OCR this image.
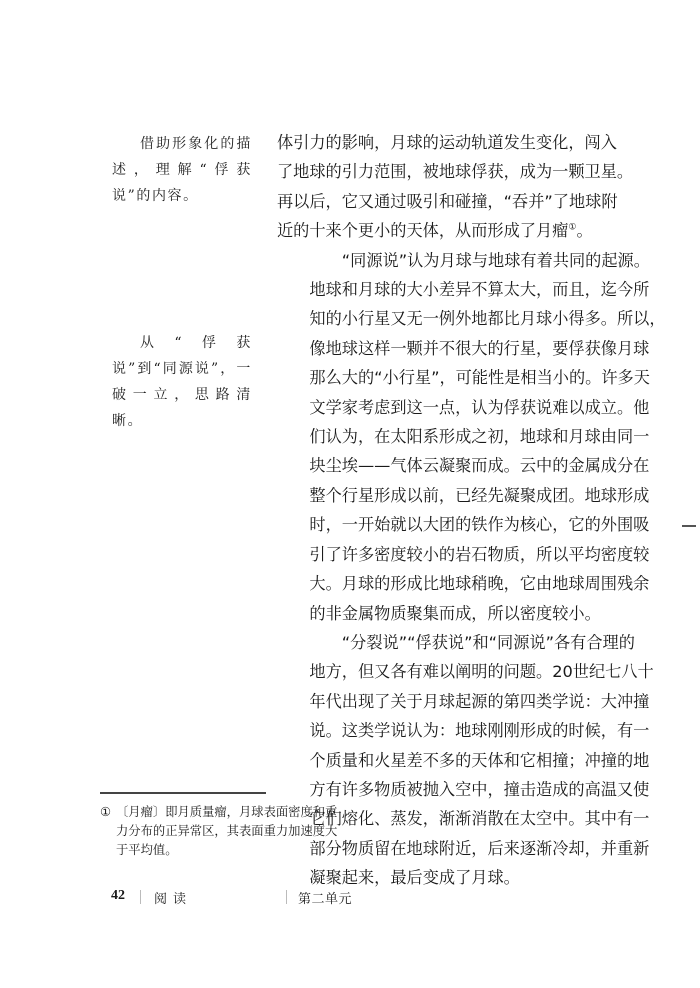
借助形象化的描述，理解“俘获说”的内容。

从“俘获说”到“同源说”，一破一立，思路清晰。

体引力的影响，月球的运动轨道发生变化，闯入
了地球的引力范围，被地球俘获，成为一颗卫星。
再以后，它又通过吸引和碰撞，“吞并”了地球附
近的十来个更小的天体，从而形成了月瘤①。

“同源说”认为月球与地球有着共同的起源。
地球和月球的大小差异不算太大，而且，迄今所
知的小行星又无一例外地都比月球小得多。所以，
像地球这样一颗并不很大的行星，要俘获像月球
那么大的“小行星”，可能性是相当小的。许多天
文学家考虑到这一点，认为俘获说难以成立。他
们认为，在太阳系形成之初，地球和月球由同一
块尘埃——气体云凝聚而成。云中的金属成分在
整个行星形成以前，已经先凝聚成团。地球形成
时，一开始就以大团的铁作为核心，它的外围吸
引了许多密度较小的岩石物质，所以平均密度较
大。月球的形成比地球稍晚，它由地球周围残余
的非金属物质聚集而成，所以密度较小。

“分裂说”“俘获说”和“同源说”各有合理的
地方，但又各有难以阐明的问题。20世纪七八十
年代出现了关于月球起源的第四类学说：大冲撞
说。这类学说认为：地球刚刚形成的时候，有一
个质量和火星差不多的天体和它相撞；冲撞的地
方有许多物质被抛入空中，撞击造成的高温又使
它们熔化、蒸发，渐渐消散在太空中。其中有一
部分物质留在地球附近，后来逐渐冷却，并重新
凝聚起来，最后变成了月球。

① 〔月瘤〕即月质量瘤，月球表面密度和重力分布的正异常区，其表面重力加速度大于平均值。
42 阅读	第二单元
